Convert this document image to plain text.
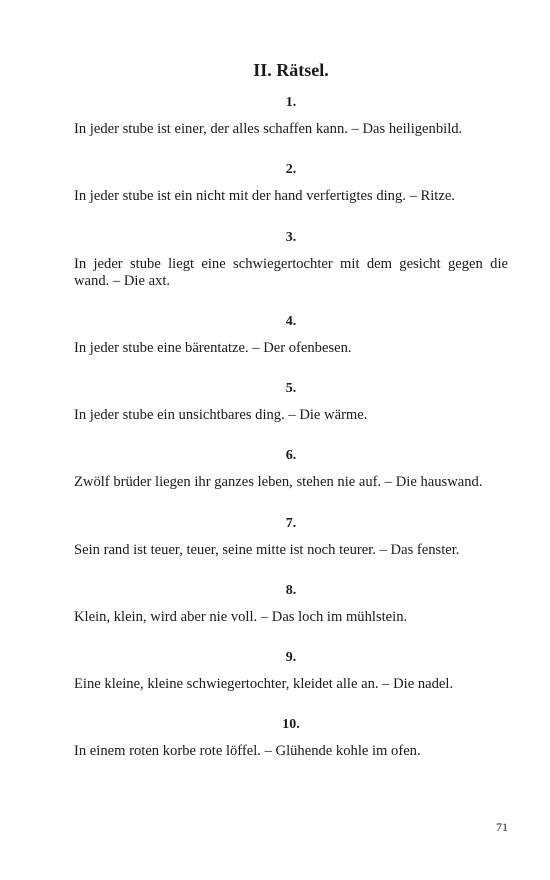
II. Rätsel.
1.
In jeder stube ist einer, der alles schaffen kann. – Das heiligenbild.
2.
In jeder stube ist ein nicht mit der hand verfertigtes ding. – Ritze.
3.
In jeder stube liegt eine schwiegertochter mit dem gesicht gegen die wand. – Die axt.
4.
In jeder stube eine bärentatze. – Der ofenbesen.
5.
In jeder stube ein unsichtbares ding. – Die wärme.
6.
Zwölf brüder liegen ihr ganzes leben, stehen nie auf. – Die hauswand.
7.
Sein rand ist teuer, teuer, seine mitte ist noch teurer. – Das fenster.
8.
Klein, klein, wird aber nie voll. – Das loch im mühlstein.
9.
Eine kleine, kleine schwiegertochter, kleidet alle an. – Die nadel.
10.
In einem roten korbe rote löffel. – Glühende kohle im ofen.
71
